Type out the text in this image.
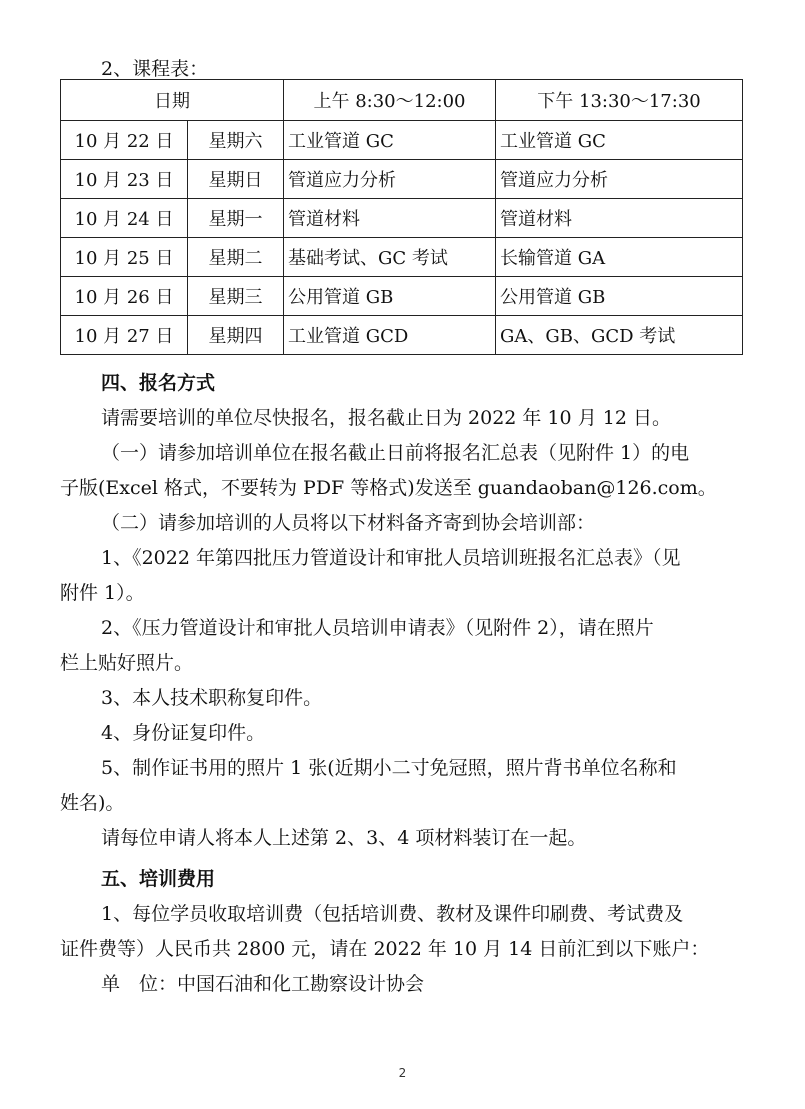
2、课程表：
日期		上午 8:30～12:00	下午 13:30～17:30
10 月 22 日	星期六	工业管道 GC	工业管道 GC
10 月 23 日	星期日	管道应力分析	管道应力分析
10 月 24 日	星期一	管道材料	管道材料
10 月 25 日	星期二	基础考试、GC 考试	长输管道 GA
10 月 26 日	星期三	公用管道 GB	公用管道 GB
10 月 27 日	星期四	工业管道 GCD	GA、GB、GCD 考试
四、报名方式
请需要培训的单位尽快报名，报名截止日为 2022 年 10 月 12 日。
（一）请参加培训单位在报名截止日前将报名汇总表（见附件 1）的电
子版(Excel 格式，不要转为 PDF 等格式)发送至 guandaoban@126.com。
（二）请参加培训的人员将以下材料备齐寄到协会培训部：
1、《2022 年第四批压力管道设计和审批人员培训班报名汇总表》（见
附件 1）。
2、《压力管道设计和审批人员培训申请表》（见附件 2），请在照片
栏上贴好照片。
3、本人技术职称复印件。
4、身份证复印件。
5、制作证书用的照片 1 张(近期小二寸免冠照，照片背书单位名称和
姓名)。
请每位申请人将本人上述第 2、3、4 项材料装订在一起。
五、培训费用
1、每位学员收取培训费（包括培训费、教材及课件印刷费、考试费及
证件费等）人民币共 2800 元，请在 2022 年 10 月 14 日前汇到以下账户：
单　位：中国石油和化工勘察设计协会
2
